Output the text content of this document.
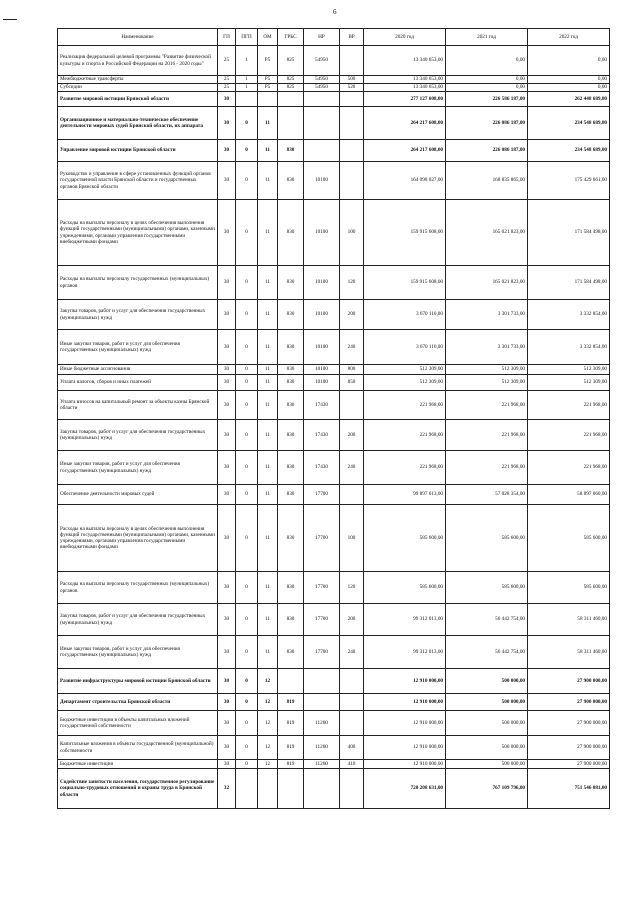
6
Наименование	ГП	ПГП	ОМ	ГРБС	НР	ВР	2020 год	2021 год	2022 год
Реализация федеральной целевой программы "Развитие физической культуры и спорта в Российской Федерации на 2016 - 2020 годы"	25	1	Р5	825	54950		13 340 653,00	0,00	0,00
Межбюджетные трансферты	25	1	Р5	825	54950	500	13 340 653,00	0,00	0,00
Субсидии	25	1	Р5	825	54950	520	13 340 653,00	0,00	0,00
Развитие мировой юстиции Брянской области	30						277 127 608,00	226 586 187,00	262 448 689,00
Организационное и материально-техническое обеспечение деятельности мировых судей Брянской области, их аппарата	30	0	11				264 217 608,00	226 086 187,00	234 548 689,00
Управление мировой юстиции Брянской области	30	0	11	830			264 217 608,00	226 086 187,00	234 548 689,00
Руководство и управление в сфере установленных функций органов государственной власти Брянской области и государственных органов Брянской области	30	0	11	830	10100		164 098 027,00	168 835 865,00	175 429 661,00
Расходы на выплаты персоналу в целях обеспечения выполнения функций государственными (муниципальными) органами, казенными учреждениями, органами управления государственными внебюджетными фондами	30	0	11	830	10100	100	159 915 608,00	165 021 823,00	171 584 498,00
Расходы на выплаты персоналу государственных (муниципальных) органов	30	0	11	830	10100	120	159 915 608,00	165 021 823,00	171 584 498,00
Закупка товаров, работ и услуг для обеспечения государственных (муниципальных) нужд	30	0	11	830	10100	200	3 670 110,00	3 301 733,00	3 332 854,00
Иные закупки товаров, работ и услуг для обеспечения государственных (муниципальных) нужд	30	0	11	830	10100	240	3 670 110,00	3 301 733,00	3 332 854,00
Иные бюджетные ассигнования	30	0	11	830	10100	800	512 309,00	512 309,00	512 309,00
Уплата налогов, сборов и иных платежей	30	0	11	830	10100	850	512 309,00	512 309,00	512 309,00
Уплата взносов на капитальный ремонт за объекты казны Брянской области	30	0	11	830	17430		221 968,00	221 968,00	221 968,00
Закупка товаров, работ и услуг для обеспечения государственных (муниципальных) нужд	30	0	11	830	17430	200	221 968,00	221 968,00	221 968,00
Иные закупки товаров, работ и услуг для обеспечения государственных (муниципальных) нужд	30	0	11	830	17430	240	221 968,00	221 968,00	221 968,00
Обеспечение деятельности мировых судей	30	0	11	830	17700		99 897 613,00	57 028 354,00	58 897 060,00
Расходы на выплаты персоналу в целях обеспечения выполнения функций государственными (муниципальными) органами, казенными учреждениями, органами управления государственными внебюджетными фондами	30	0	11	830	17700	100	585 600,00	585 600,00	585 600,00
Расходы на выплаты персоналу государственных (муниципальных) органов	30	0	11	830	17700	120	585 600,00	585 600,00	585 600,00
Закупка товаров, работ и услуг для обеспечения государственных (муниципальных) нужд	30	0	11	830	17700	200	99 312 013,00	56 442 754,00	58 311 460,00
Иные закупки товаров, работ и услуг для обеспечения государственных (муниципальных) нужд	30	0	11	830	17700	240	99 312 013,00	56 442 754,00	58 311 460,00
Развитие инфраструктуры мировой юстиции Брянской области	30	0	12				12 910 000,00	500 000,00	27 900 000,00
Департамент строительства Брянской области	30	0	12	819			12 910 000,00	500 000,00	27 900 000,00
Бюджетные инвестиции в объекты капитальных вложений государственной собственности	30	0	12	819	11260		12 910 000,00	500 000,00	27 900 000,00
Капитальные вложения в объекты государственной (муниципальной) собственности	30	0	12	819	11260	400	12 910 000,00	500 000,00	27 900 000,00
Бюджетные инвестиции	30	0	12	819	11260	410	12 910 000,00	500 000,00	27 900 000,00
Содействие занятости населения, государственное регулирование социально-трудовых отношений и охраны труда в Брянской области	32						720 208 631,00	767 109 796,00	751 546 081,00
